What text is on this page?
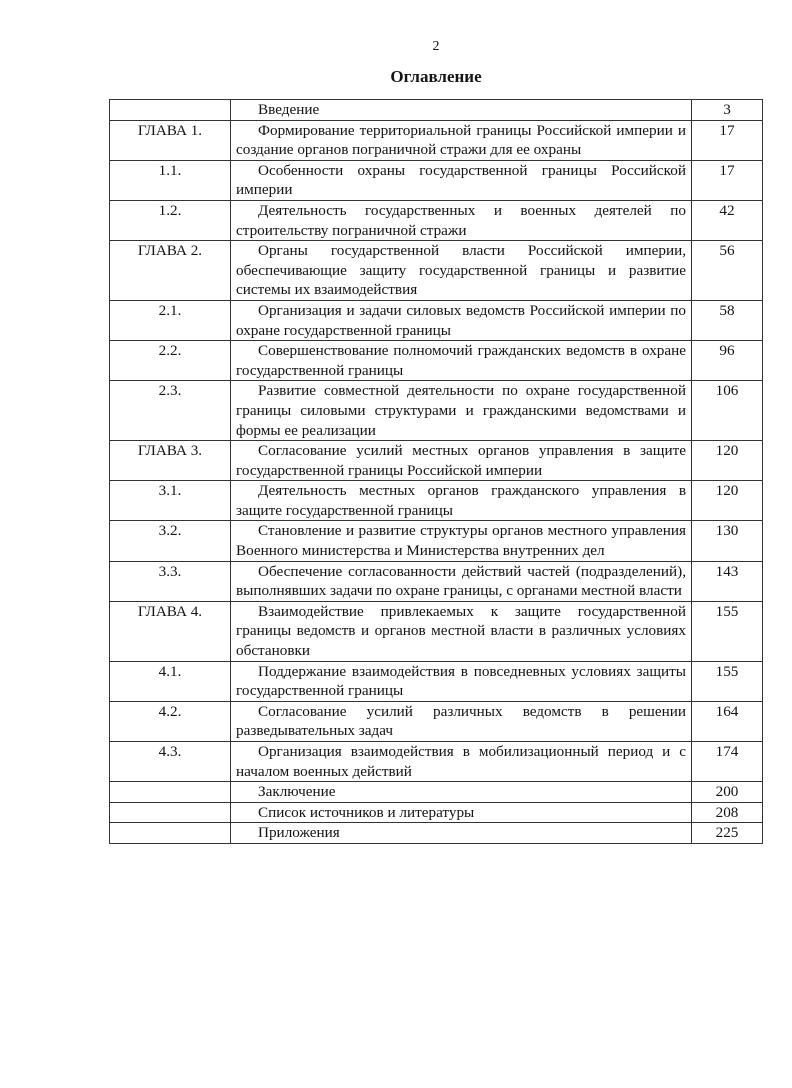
2
Оглавление
	Введение	3
ГЛАВА 1.	Формирование территориальной границы Российской империи и создание органов пограничной стражи для ее охраны	17
1.1.	Особенности охраны государственной границы Российской империи	17
1.2.	Деятельность государственных и военных деятелей по строительству пограничной стражи	42
ГЛАВА 2.	Органы государственной власти Российской империи, обеспечивающие защиту государственной границы и развитие системы их взаимодействия	56
2.1.	Организация и задачи силовых ведомств Российской империи по охране государственной границы	58
2.2.	Совершенствование полномочий гражданских ведомств в охране государственной границы	96
2.3.	Развитие совместной деятельности по охране государственной границы силовыми структурами и гражданскими ведомствами и формы ее реализации	106
ГЛАВА 3.	Согласование усилий местных органов управления в защите государственной границы Российской империи	120
3.1.	Деятельность местных органов гражданского управления в защите государственной границы	120
3.2.	Становление и развитие структуры органов местного управления Военного министерства и Министерства внутренних дел	130
3.3.	Обеспечение согласованности действий частей (подразделений), выполнявших задачи по охране границы, с органами местной власти	143
ГЛАВА 4.	Взаимодействие привлекаемых к защите государственной границы ведомств и органов местной власти в различных условиях обстановки	155
4.1.	Поддержание взаимодействия в повседневных условиях защиты государственной границы	155
4.2.	Согласование усилий различных ведомств в решении разведывательных задач	164
4.3.	Организация взаимодействия в мобилизационный период и с началом военных действий	174
	Заключение	200
	Список источников и литературы	208
	Приложения	225
